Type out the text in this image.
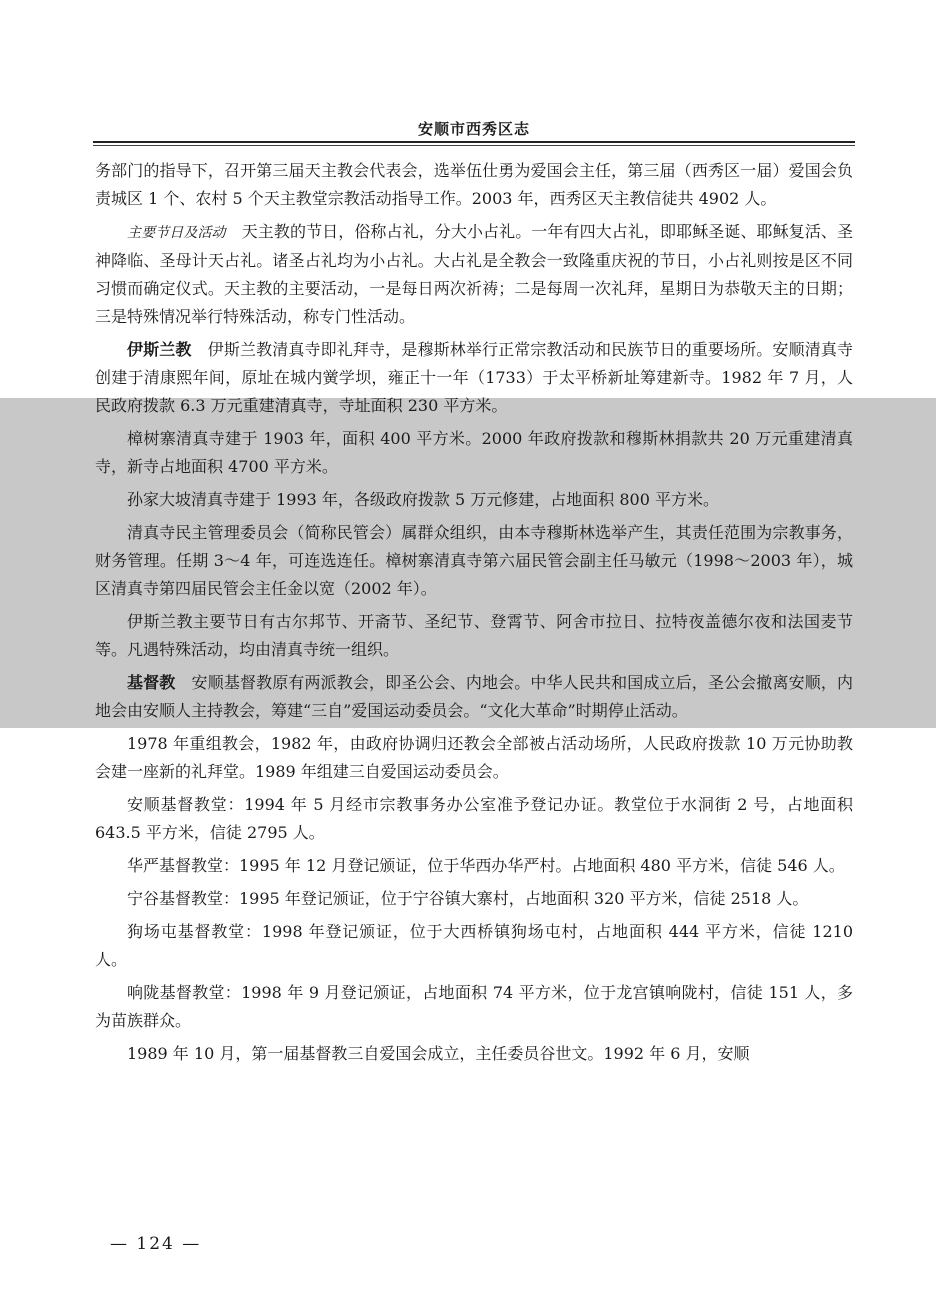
安顺市西秀区志

务部门的指导下，召开第三届天主教会代表会，选举伍仕勇为爱国会主任，第三届（西秀区一届）爱国会负责城区 1 个、农村 5 个天主教堂宗教活动指导工作。2003 年，西秀区天主教信徒共 4902 人。

主要节日及活动　天主教的节日，俗称占礼，分大小占礼。一年有四大占礼，即耶稣圣诞、耶稣复活、圣神降临、圣母计天占礼。诸圣占礼均为小占礼。大占礼是全教会一致隆重庆祝的节日，小占礼则按是区不同习惯而确定仪式。天主教的主要活动，一是每日两次祈祷；二是每周一次礼拜，星期日为恭敬天主的日期；三是特殊情况举行特殊活动，称专门性活动。

伊斯兰教　伊斯兰教清真寺即礼拜寺，是穆斯林举行正常宗教活动和民族节日的重要场所。安顺清真寺创建于清康熙年间，原址在城内黉学坝，雍正十一年（1733）于太平桥新址筹建新寺。1982 年 7 月，人民政府拨款 6.3 万元重建清真寺，寺址面积 230 平方米。

樟树寨清真寺建于 1903 年，面积 400 平方米。2000 年政府拨款和穆斯林捐款共 20 万元重建清真寺，新寺占地面积 4700 平方米。

孙家大坡清真寺建于 1993 年，各级政府拨款 5 万元修建，占地面积 800 平方米。

清真寺民主管理委员会（简称民管会）属群众组织，由本寺穆斯林选举产生，其责任范围为宗教事务，财务管理。任期 3～4 年，可连选连任。樟树寨清真寺第六届民管会副主任马敏元（1998～2003 年），城区清真寺第四届民管会主任金以宽（2002 年）。

伊斯兰教主要节日有古尔邦节、开斋节、圣纪节、登霄节、阿舍市拉日、拉特夜盖德尔夜和法国麦节等。凡遇特殊活动，均由清真寺统一组织。

基督教　安顺基督教原有两派教会，即圣公会、内地会。中华人民共和国成立后，圣公会撤离安顺，内地会由安顺人主持教会，筹建“三自”爱国运动委员会。“文化大革命”时期停止活动。

1978 年重组教会，1982 年，由政府协调归还教会全部被占活动场所，人民政府拨款 10 万元协助教会建一座新的礼拜堂。1989 年组建三自爱国运动委员会。

安顺基督教堂：1994 年 5 月经市宗教事务办公室准予登记办证。教堂位于水洞街 2 号，占地面积 643.5 平方米，信徒 2795 人。

华严基督教堂：1995 年 12 月登记颁证，位于华西办华严村。占地面积 480 平方米，信徒 546 人。

宁谷基督教堂：1995 年登记颁证，位于宁谷镇大寨村，占地面积 320 平方米，信徒 2518 人。

狗场屯基督教堂：1998 年登记颁证，位于大西桥镇狗场屯村，占地面积 444 平方米，信徒 1210 人。

响陇基督教堂：1998 年 9 月登记颁证，占地面积 74 平方米，位于龙宫镇响陇村，信徒 151 人，多为苗族群众。

1989 年 10 月，第一届基督教三自爱国会成立，主任委员谷世文。1992 年 6 月，安顺

— 124 —
